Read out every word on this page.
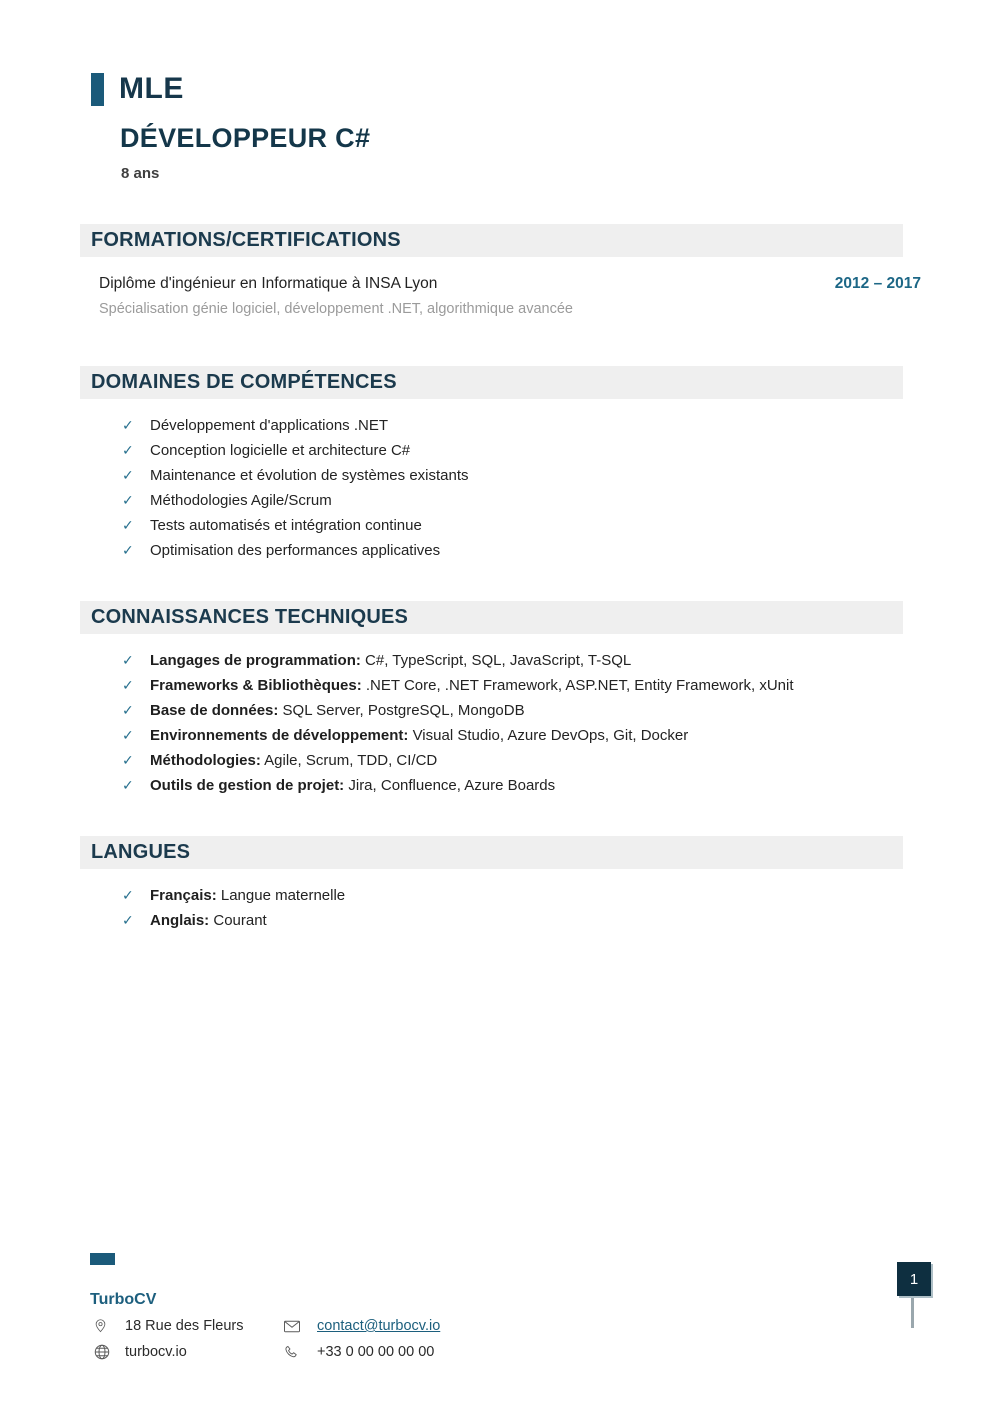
MLE
DÉVELOPPEUR C#
8 ans
FORMATIONS/CERTIFICATIONS
Diplôme d'ingénieur en Informatique à INSA Lyon	2012 – 2017
Spécialisation génie logiciel, développement .NET, algorithmique avancée
DOMAINES DE COMPÉTENCES
✓	Développement d'applications .NET
✓	Conception logicielle et architecture C#
✓	Maintenance et évolution de systèmes existants
✓	Méthodologies Agile/Scrum
✓	Tests automatisés et intégration continue
✓	Optimisation des performances applicatives
CONNAISSANCES TECHNIQUES
✓	Langages de programmation: C#, TypeScript, SQL, JavaScript, T-SQL
✓	Frameworks & Bibliothèques: .NET Core, .NET Framework, ASP.NET, Entity Framework, xUnit
✓	Base de données: SQL Server, PostgreSQL, MongoDB
✓	Environnements de développement: Visual Studio, Azure DevOps, Git, Docker
✓	Méthodologies: Agile, Scrum, TDD, CI/CD
✓	Outils de gestion de projet: Jira, Confluence, Azure Boards
LANGUES
✓	Français: Langue maternelle
✓	Anglais: Courant
TurboCV
18 Rue des Fleurs	contact@turbocv.io
turbocv.io	+33 0 00 00 00 00
1
